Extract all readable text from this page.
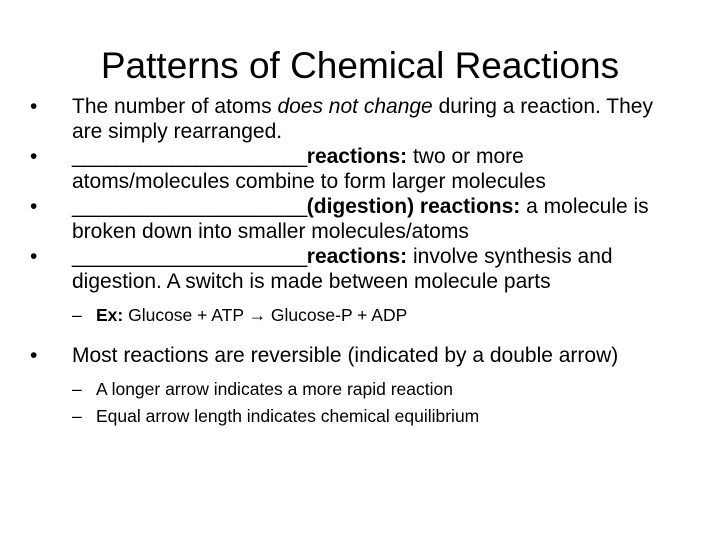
Patterns of Chemical Reactions
•	The number of atoms does not change during a reaction. They are simply rearranged.
•	_____________________reactions: two or more atoms/molecules combine to form larger molecules
•	_____________________(digestion) reactions: a molecule is broken down into smaller molecules/atoms
•	_____________________reactions: involve synthesis and digestion. A switch is made between molecule parts
– Ex: Glucose + ATP → Glucose-P + ADP
•	Most reactions are reversible (indicated by a double arrow)
– A longer arrow indicates a more rapid reaction
– Equal arrow length indicates chemical equilibrium
